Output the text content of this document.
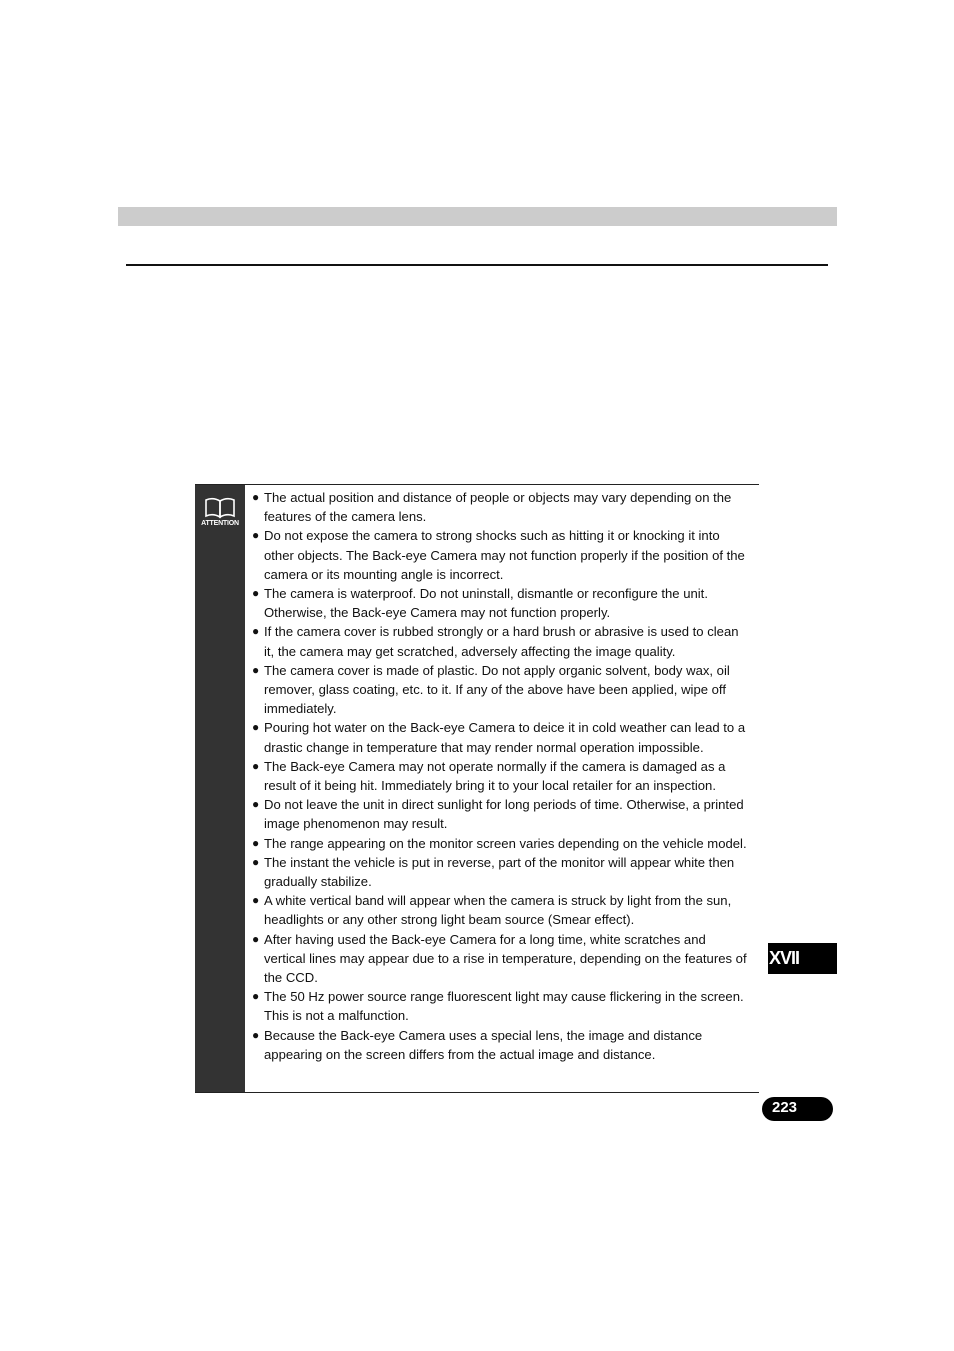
ATTENTION
● The actual position and distance of people or objects may vary depending on the features of the camera lens.
● Do not expose the camera to strong shocks such as hitting it or knocking it into other objects. The Back-eye Camera may not function properly if the position of the camera or its mounting angle is incorrect.
● The camera is waterproof. Do not uninstall, dismantle or reconfigure the unit. Otherwise, the Back-eye Camera may not function properly.
● If the camera cover is rubbed strongly or a hard brush or abrasive is used to clean it, the camera may get scratched, adversely affecting the image quality.
● The camera cover is made of plastic. Do not apply organic solvent, body wax, oil remover, glass coating, etc. to it. If any of the above have been applied, wipe off immediately.
● Pouring hot water on the Back-eye Camera to deice it in cold weather can lead to a drastic change in temperature that may render normal operation impossible.
● The Back-eye Camera may not operate normally if the camera is damaged as a result of it being hit. Immediately bring it to your local retailer for an inspection.
● Do not leave the unit in direct sunlight for long periods of time. Otherwise, a printed image phenomenon may result.
● The range appearing on the monitor screen varies depending on the vehicle model.
● The instant the vehicle is put in reverse, part of the monitor will appear white then gradually stabilize.
● A white vertical band will appear when the camera is struck by light from the sun, headlights or any other strong light beam source (Smear effect).
● After having used the Back-eye Camera for a long time, white scratches and vertical lines may appear due to a rise in temperature, depending on the features of the CCD.
● The 50 Hz power source range fluorescent light may cause flickering in the screen. This is not a malfunction.
● Because the Back-eye Camera uses a special lens, the image and distance appearing on the screen differs from the actual image and distance.
XVII
223
